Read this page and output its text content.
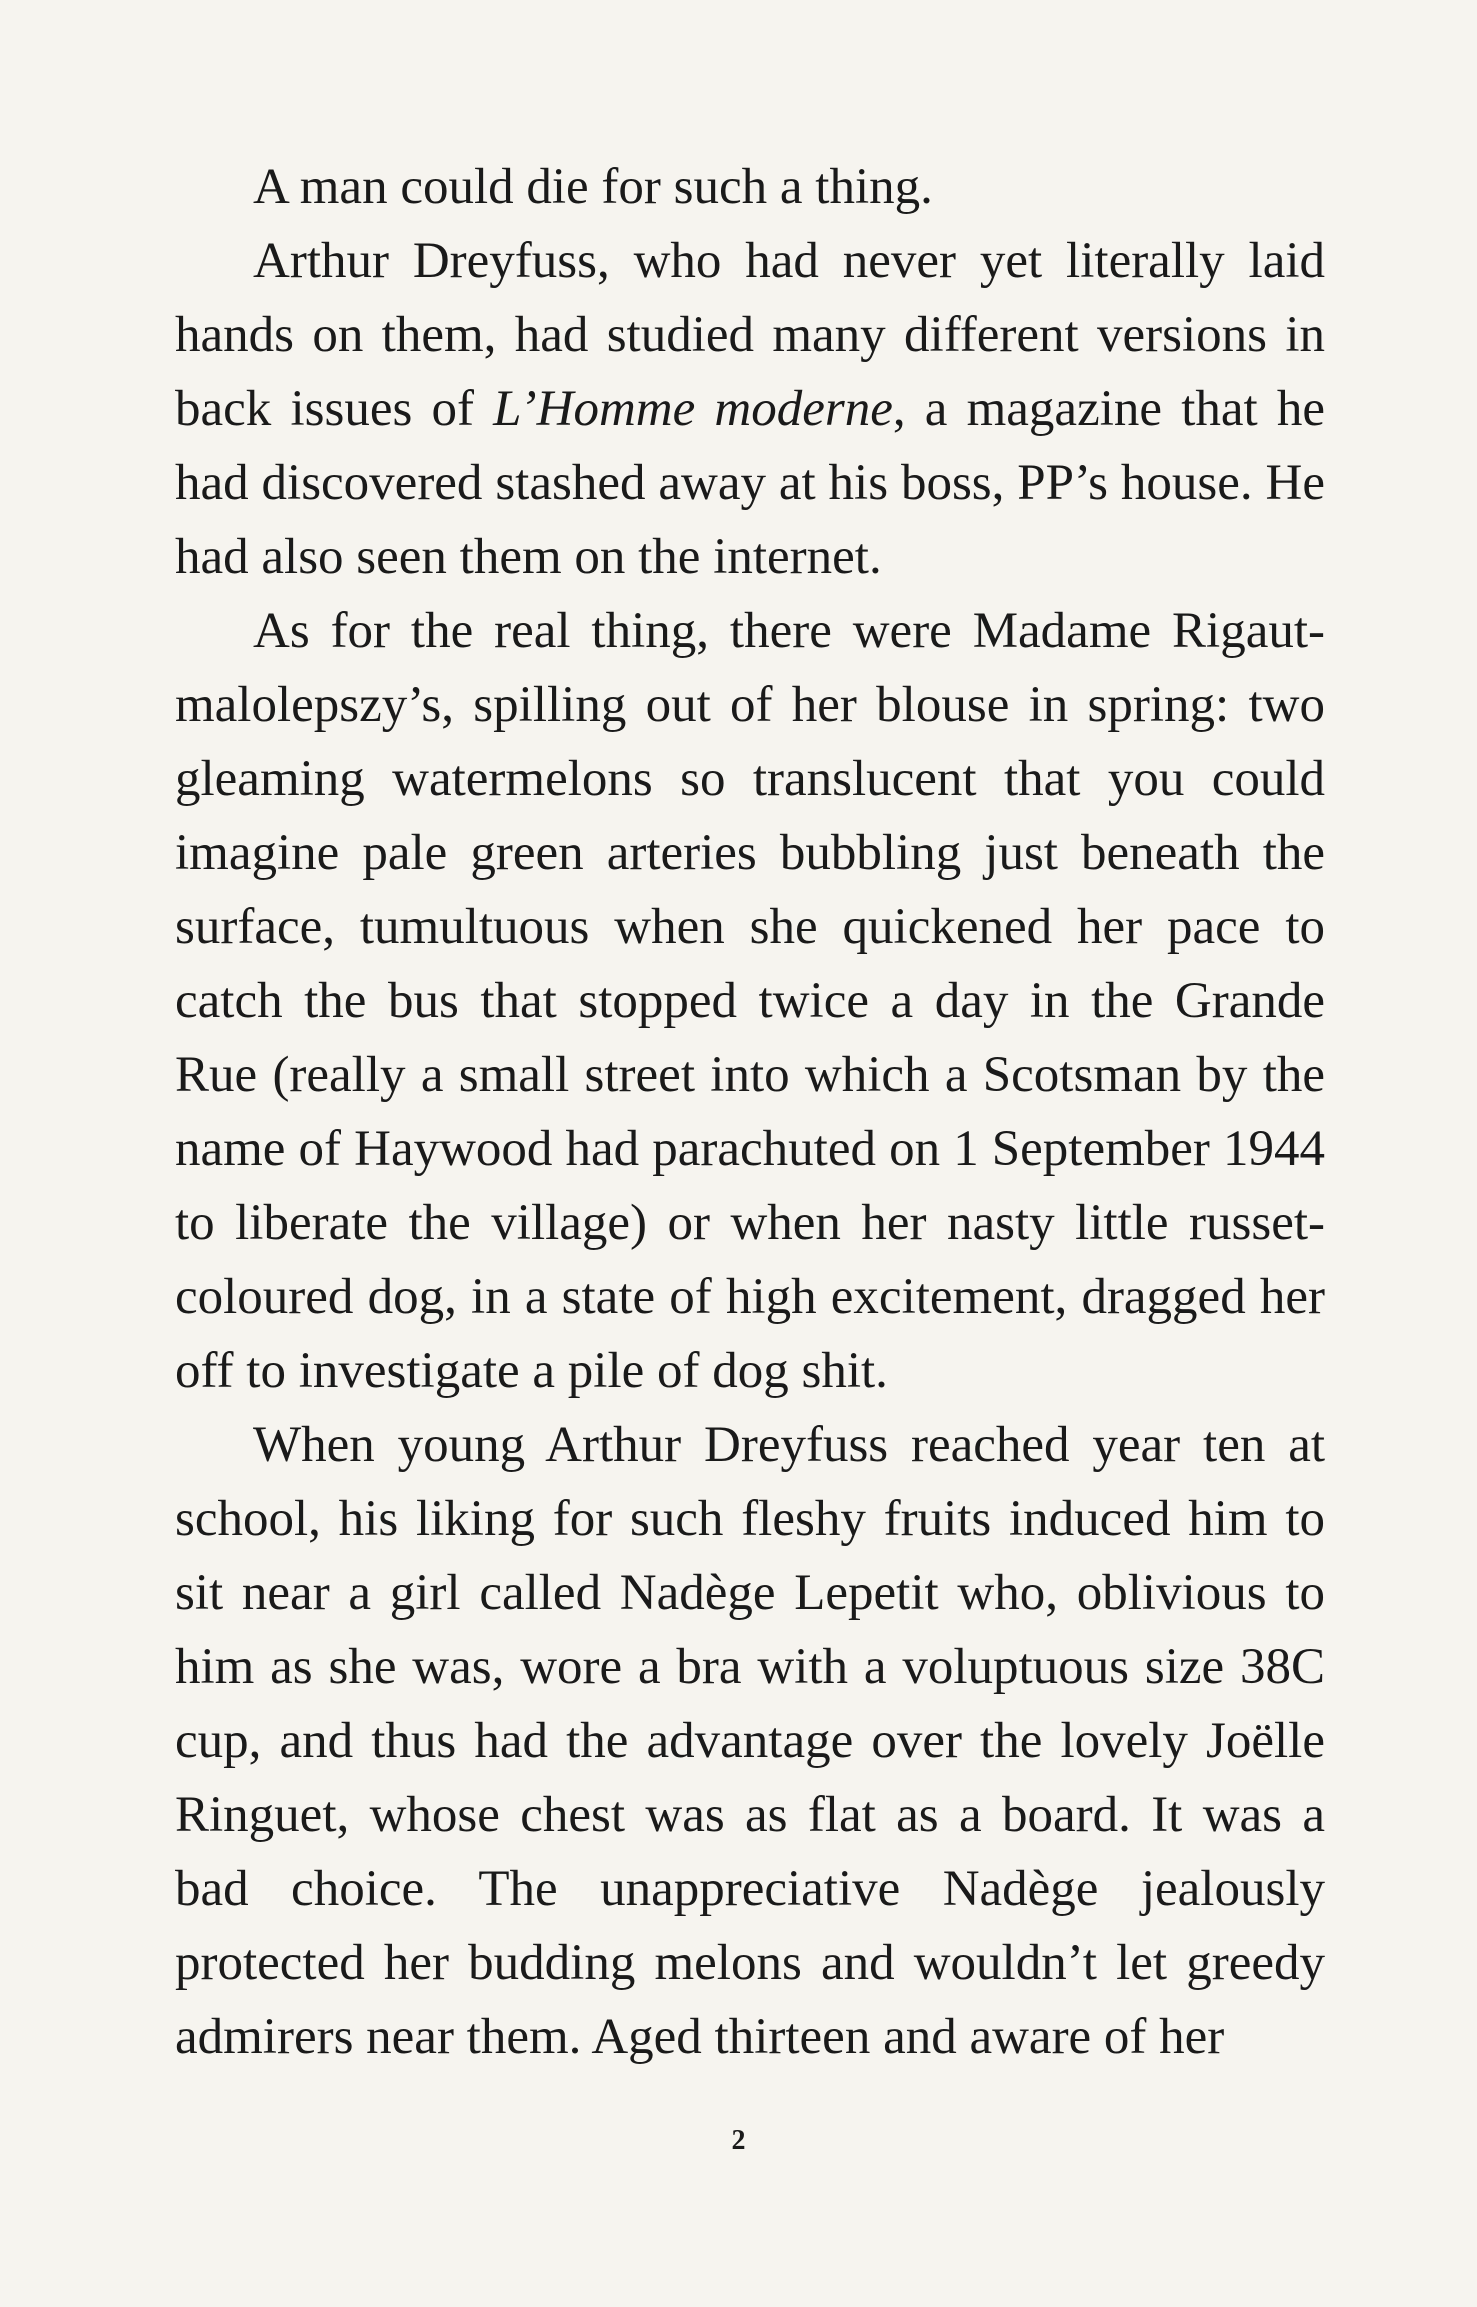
A man could die for such a thing.

Arthur Dreyfuss, who had never yet literally laid hands on them, had studied many different versions in back issues of L’Homme moderne, a magazine that he had discovered stashed away at his boss, PP’s house. He had also seen them on the internet.

As for the real thing, there were Madame Rigautmalolepszy’s, spilling out of her blouse in spring: two gleaming watermelons so translucent that you could imagine pale green arteries bubbling just beneath the surface, tumultuous when she quickened her pace to catch the bus that stopped twice a day in the Grande Rue (really a small street into which a Scotsman by the name of Haywood had parachuted on 1 September 1944 to liberate the village) or when her nasty little russet-coloured dog, in a state of high excitement, dragged her off to investigate a pile of dog shit.

When young Arthur Dreyfuss reached year ten at school, his liking for such fleshy fruits induced him to sit near a girl called Nadège Lepetit who, oblivious to him as she was, wore a bra with a voluptuous size 38C cup, and thus had the advantage over the lovely Joëlle Ringuet, whose chest was as flat as a board. It was a bad choice. The unappreciative Nadège jealously protected her budding melons and wouldn’t let greedy admirers near them. Aged thirteen and aware of her

2
